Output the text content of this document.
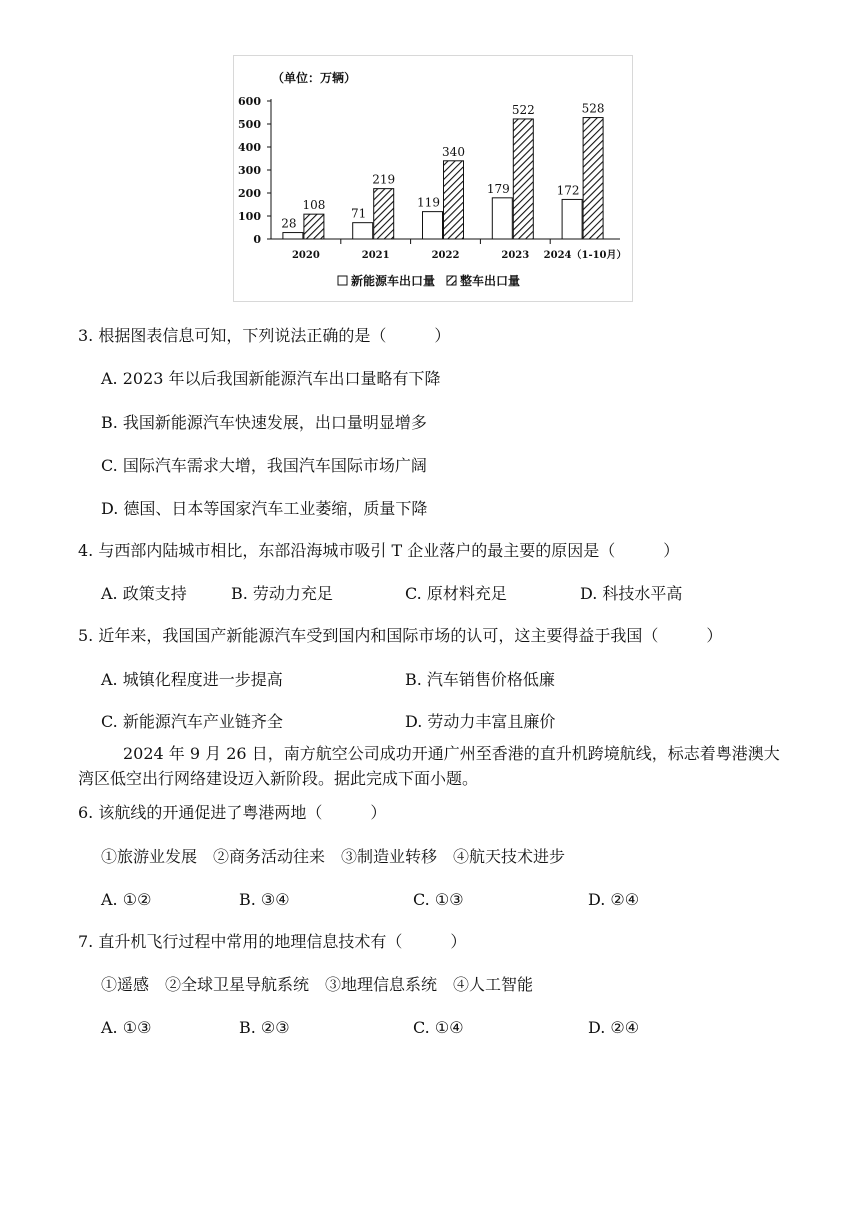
（单位：万辆）
0
100
200
300
400
500
600
2020
28
108
2021
71
219
2022
119
340
2023
179
522
2024（1-10月）
172
528
新能源车出口量 整车出口量
3. 根据图表信息可知，下列说法正确的是（　　　）
A. 2023 年以后我国新能源汽车出口量略有下降
B. 我国新能源汽车快速发展，出口量明显增多
C. 国际汽车需求大增，我国汽车国际市场广阔
D. 德国、日本等国家汽车工业萎缩，质量下降
4. 与西部内陆城市相比，东部沿海城市吸引 T 企业落户的最主要的原因是（　　　）
A. 政策支持	B. 劳动力充足	C. 原材料充足	D. 科技水平高
5. 近年来，我国国产新能源汽车受到国内和国际市场的认可，这主要得益于我国（　　　）
A. 城镇化程度进一步提高	B. 汽车销售价格低廉
C. 新能源汽车产业链齐全	D. 劳动力丰富且廉价
2024 年 9 月 26 日，南方航空公司成功开通广州至香港的直升机跨境航线，标志着粤港澳大湾区低空出行网络建设迈入新阶段。据此完成下面小题。
6. 该航线的开通促进了粤港两地（　　　）
①旅游业发展　②商务活动往来　③制造业转移　④航天技术进步
A. ①②	B. ③④	C. ①③	D. ②④
7. 直升机飞行过程中常用的地理信息技术有（　　　）
①遥感　②全球卫星导航系统　③地理信息系统　④人工智能
A. ①③	B. ②③	C. ①④	D. ②④
